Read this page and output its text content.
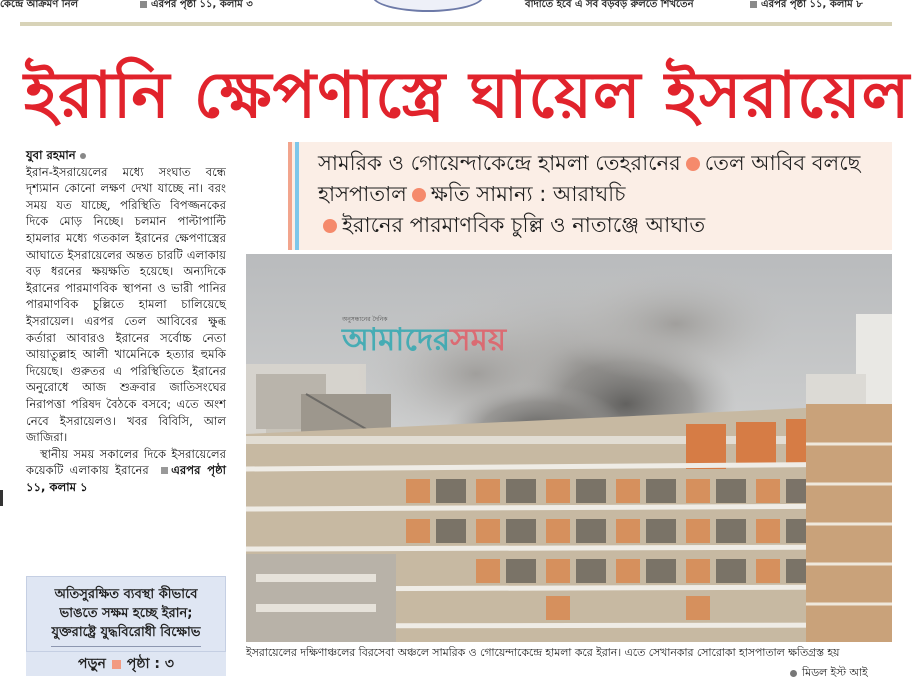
কেন্দ্রে আক্রমণ নিল	এরপর পৃষ্ঠা ১১, কলাম ৩	বাদাতে হবে এ সব বড়বড় রুলতে শিখতেন	এরপর পৃষ্ঠা ১১, কলাম ৮
ইরানি ক্ষেপণাস্ত্রে ঘায়েল ইসরায়েল
যুবা রহমান

ইরান-ইসরায়েলের মধ্যে সংঘাত বন্ধে দৃশ্যমান কোনো লক্ষণ দেখা যাচ্ছে না। বরং সময় যত যাচ্ছে, পরিস্থিতি বিপজ্জনকের দিকে মোড় নিচ্ছে। চলমান পাল্টাপাল্টি হামলার মধ্যে গতকাল ইরানের ক্ষেপণাস্ত্রের আঘাতে ইসরায়েলের অন্তত চারটি এলাকায় বড় ধরনের ক্ষয়ক্ষতি হয়েছে। অন্যদিকে ইরানের পারমাণবিক স্থাপনা ও ভারী পানির পারমাণবিক চুল্লিতে হামলা চালিয়েছে ইসরায়েল। এরপর তেল আবিবের ক্ষুব্ধ কর্তারা আবারও ইরানের সর্বোচ্চ নেতা আয়াতুল্লাহ আলী খামেনিকে হত্যার হুমকি দিয়েছে। গুরুতর এ পরিস্থিতিতে ইরানের অনুরোধে আজ শুক্রবার জাতিসংঘের নিরাপত্তা পরিষদ বৈঠকে বসবে; এতে অংশ নেবে ইসরায়েলও। খবর বিবিসি, আল জাজিরা।

স্থানীয় সময় সকালের দিকে ইসরায়েলের কয়েকটি এলাকায় ইরানের এরপর পৃষ্ঠা ১১, কলাম ১

অতিসুরক্ষিত ব্যবস্থা কীভাবে
ভাঙতে সক্ষম হচ্ছে ইরান;
যুক্তরাষ্ট্রে যুদ্ধবিরোধী বিক্ষোভ
পড়ুন পৃষ্ঠা : ৩
সামরিক ও গোয়েন্দাকেন্দ্রে হামলা তেহরানের তেল আবিব বলছে হাসপাতাল ক্ষতি সামান্য : আরাঘচি
ইরানের পারমাণবিক চুল্লি ও নাতাঞ্জে আঘাত
অনুসন্ধানের দৈনিক
আমাদেরসময়
ইসরায়েলের দক্ষিণাঞ্চলের বিরসেবা অঞ্চলে সামরিক ও গোয়েন্দাকেন্দ্রে হামলা করে ইরান। এতে সেখানকার সোরোকা হাসপাতাল ক্ষতিগ্রস্ত হয়
মিডল ইস্ট আই
